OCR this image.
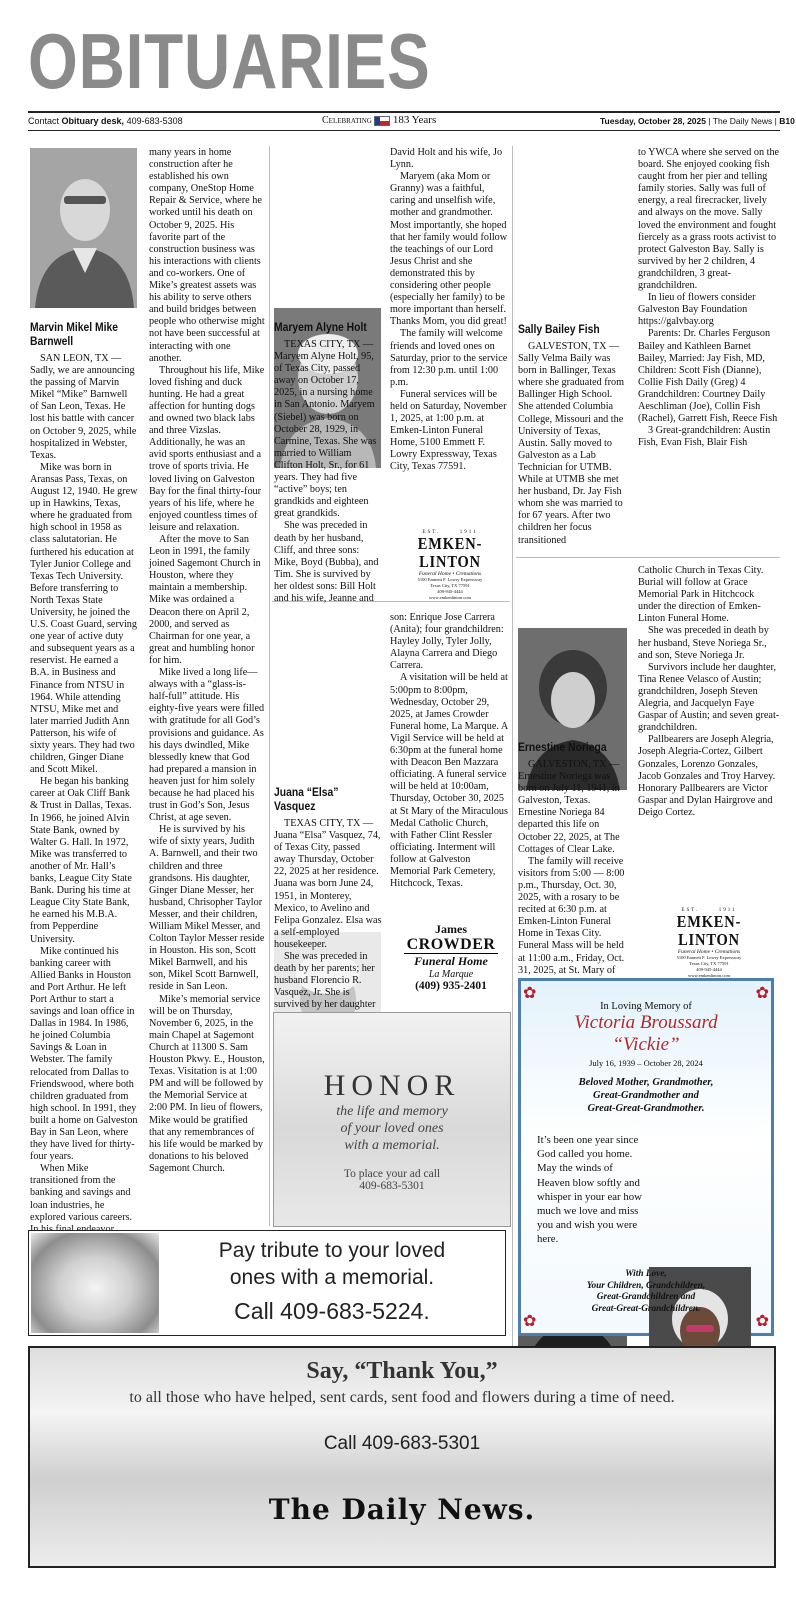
OBITUARIES
Contact Obituary desk, 409-683-5308	Celebrating 183 Years	Tuesday, October 28, 2025 | The Daily News | B10
Marvin Mikel Mike Barnwell

SAN LEON, TX — Sadly, we are announcing the passing of Marvin Mikel “Mike” Barnwell of San Leon, Texas. He lost his battle with cancer on October 9, 2025, while hospitalized in Webster, Texas.

Mike was born in Aransas Pass, Texas, on August 12, 1940. He grew up in Hawkins, Texas, where he graduated from high school in 1958 as class salutatorian. He furthered his education at Tyler Junior College and Texas Tech University. Before transferring to North Texas State University, he joined the U.S. Coast Guard, serving one year of active duty and subsequent years as a reservist. He earned a B.A. in Business and Finance from NTSU in 1964. While attending NTSU, Mike met and later married Judith Ann Patterson, his wife of sixty years. They had two children, Ginger Diane and Scott Mikel.

He began his banking career at Oak Cliff Bank & Trust in Dallas, Texas. In 1966, he joined Alvin State Bank, owned by Walter G. Hall. In 1972, Mike was transferred to another of Mr. Hall’s banks, League City State Bank. During his time at League City State Bank, he earned his M.B.A. from Pepperdine University.

Mike continued his banking career with Allied Banks in Houston and Port Arthur. He left Port Arthur to start a savings and loan office in Dallas in 1984. In 1986, he joined Columbia Savings & Loan in Webster. The family relocated from Dallas to Friendswood, where both children graduated from high school. In 1991, they built a home on Galveston Bay in San Leon, where they have lived for thirty-four years.

When Mike transitioned from the banking and savings and loan industries, he explored various careers.

many years in home construction after he established his own company, OneStop Home Repair & Service, where he worked until his death on October 9, 2025. His favorite part of the construction business was his interactions with clients and co-workers. One of Mike’s greatest assets was his ability to serve others and build bridges between people who otherwise might not have been successful at interacting with one another.

Throughout his life, Mike loved fishing and duck hunting. He had a great affection for hunting dogs and owned two black labs and three Vizslas. Additionally, he was an avid sports enthusiast and a trove of sports trivia. He loved living on Galveston Bay for the final thirty-four years of his life, where he enjoyed countless times of leisure and relaxation.

After the move to San Leon in 1991, the family joined Sagemont Church in Houston, where they maintain a membership. Mike was ordained a Deacon there on April 2, 2000, and served as Chairman for one year, a great and humbling honor for him.

Mike lived a long life—always with a “glass-is-half-full” attitude. His eighty-five years were filled with gratitude for all God’s provisions and guidance. As his days dwindled, Mike blessedly knew that God had prepared a mansion in heaven just for him solely because he had placed his trust in God’s Son, Jesus Christ, at age seven.

He is survived by his wife of sixty years, Judith A. Barnwell, and their two children and three grandsons. His daughter, Ginger Diane Messer, her husband, Chrisopher Taylor Messer, and their children, William Mikel Messer, and Colton Taylor Messer reside in Houston. His son, Scott Mikel Barnwell, and his son, Mikel Scott Barnwell, reside in San Leon.

Mike’s memorial service will be on Thursday, November 6, 2025, in the main Chapel at Sagemont Church at 11300 S. Sam Houston Pkwy. E., Houston, Texas. Visitation is at 1:00 PM and will be followed by the Memorial Service at 2:00 PM. In lieu of flowers, Mike would be gratified that any remembrances of his life would be marked by donations to his beloved Sagemont Church.

Maryem Alyne Holt

TEXAS CITY, TX — Maryem Alyne Holt, 95, of Texas City, passed away on October 17, 2025, in a nursing home in San Antonio. Maryem (Siebel) was born on October 28, 1929, in Carmine, Texas. She was married to William Clifton Holt, Sr., for 61 years. They had five “active” boys; ten grandkids and eighteen great grandkids.

She was preceded in death by her husband, Cliff, and three sons: Mike, Boyd (Bubba), and Tim. She is survived by her oldest sons: Bill Holt and his wife, Jeanne and

David Holt and his wife, Jo Lynn.

Maryem (aka Mom or Granny) was a faithful, caring and unselfish wife, mother and grandmother. Most importantly, she hoped that her family would follow the teachings of our Lord Jesus Christ and she demonstrated this by considering other people (especially her family) to be more important than herself. Thanks Mom, you did great!

The family will welcome friends and loved ones on Saturday, prior to the service from 12:30 p.m. until 1:00 p.m.

Funeral services will be held on Saturday, November 1, 2025, at 1:00 p.m. at Emken-Linton Funeral Home, 5100 Emmett F. Lowry Expressway, Texas City, Texas 77591.

EST.	1911
EMKEN-LINTON
Funeral Home • Cremations
5100 Emmett F. Lowry Expressway
Texas City, TX 77591
409-945-4444
www.emkenlinton.com
Juana “Elsa” Vasquez

TEXAS CITY, TX — Juana “Elsa” Vasquez, 74, of Texas City, passed away Thursday, October 22, 2025 at her residence. Juana was born June 24, 1951, in Monterey, Mexico, to Avelino and Felipa Gonzalez. Elsa was a self-employed housekeeper.

She was preceded in death by her parents; her husband Florencio R. Vasquez, Jr. She is survived by her daughter

son: Enrique Jose Carrera (Anita); four grandchildren: Hayley Jolly, Tyler Jolly, Alayna Carrera and Diego Carrera.

A visitation will be held at 5:00pm to 8:00pm, Wednesday, October 29, 2025, at James Crowder Funeral home, La Marque. A Vigil Service will be held at 6:30pm at the funeral home with Deacon Ben Mazzara officiating. A funeral service will be held at 10:00am, Thursday, October 30, 2025 at St Mary of the Miraculous Medal Catholic Church, with Father Clint Ressler officiating. Interment will follow at Galveston Memorial Park Cemetery, Hitchcock, Texas.

James
CROWDER
Funeral Home
La Marque
(409) 935-2401
HONOR
the life and memory
of your loved ones
with a memorial.
To place your ad call
409-683-5301
Sally Bailey Fish

GALVESTON, TX — Sally Velma Baily was born in Ballinger, Texas where she graduated from Ballinger High School. She attended Columbia College, Missouri and the University of Texas, Austin. Sally moved to Galveston as a Lab Technician for UTMB. While at UTMB she met her husband, Dr. Jay Fish whom she was married to for 67 years. After two children her focus transitioned

to YWCA where she served on the board. She enjoyed cooking fish caught from her pier and telling family stories. Sally was full of energy, a real firecracker, lively and always on the move. Sally loved the environment and fought fiercely as a grass roots activist to protect Galveston Bay. Sally is survived by her 2 children, 4 grandchildren, 3 great-grandchildren.

In lieu of flowers consider Galveston Bay Foundation https://galvbay.org

Parents: Dr. Charles Ferguson Bailey and Kathleen Barnet Bailey, Married: Jay Fish, MD, Children: Scott Fish (Dianne), Collie Fish Daily (Greg) 4 Grandchildren: Courtney Daily Aeschliman (Joe), Collin Fish (Rachel), Garrett Fish, Reece Fish

3 Great-grandchildren: Austin Fish, Evan Fish, Blair Fish

Ernestine Noriega

GALVESTON, TX — Ernestine Noriega was born on July 11, 1941, in Galveston, Texas. Ernestine Noriega 84 departed this life on October 22, 2025, at The Cottages of Clear Lake.

The family will receive visitors from 5:00 — 8:00 p.m., Thursday, Oct. 30, 2025, with a rosary to be recited at 6:30 p.m. at Emken-Linton Funeral Home in Texas City. Funeral Mass will be held at 11:00 a.m., Friday, Oct. 31, 2025, at St. Mary of

Catholic Church in Texas City. Burial will follow at Grace Memorial Park in Hitchcock under the direction of Emken-Linton Funeral Home.

She was preceded in death by her husband, Steve Noriega Sr., and son, Steve Noriega Jr.

Survivors include her daughter, Tina Renee Velasco of Austin; grandchildren, Joseph Steven Alegria, and Jacquelyn Faye Gaspar of Austin; and seven great-grandchildren.

Pallbearers are Joseph Alegria, Joseph Alegria-Cortez, Gilbert Gonzales, Lorenzo Gonzales, Jacob Gonzales and Troy Harvey. Honorary Pallbearers are Victor Gaspar and Dylan Hairgrove and Deigo Cortez.

EST.	1911
EMKEN-LINTON
Funeral Home • Cremations
5100 Emmett F. Lowry Expressway
Texas City, TX 77591
409-945-4444
www.emkenlinton.com
✿	✿
✿	✿
In Loving Memory of
Victoria Broussard
“Vickie”
July 16, 1939 – October 28, 2024
Beloved Mother, Grandmother,
Great-Grandmother and
Great-Great-Grandmother.
It’s been one year since God called you home. May the winds of Heaven blow softly and whisper in your ear how much we love and miss you and wish you were here.
With Love,
Your Children, Grandchildren,
Great-Grandchildren and
Great-Great-Grandchildren.
Pay tribute to your loved
ones with a memorial.
Call 409-683-5224.
Say, “Thank You,”
to all those who have helped, sent cards, sent food and flowers during a time of need.
Call 409-683-5301
The Daily News.
